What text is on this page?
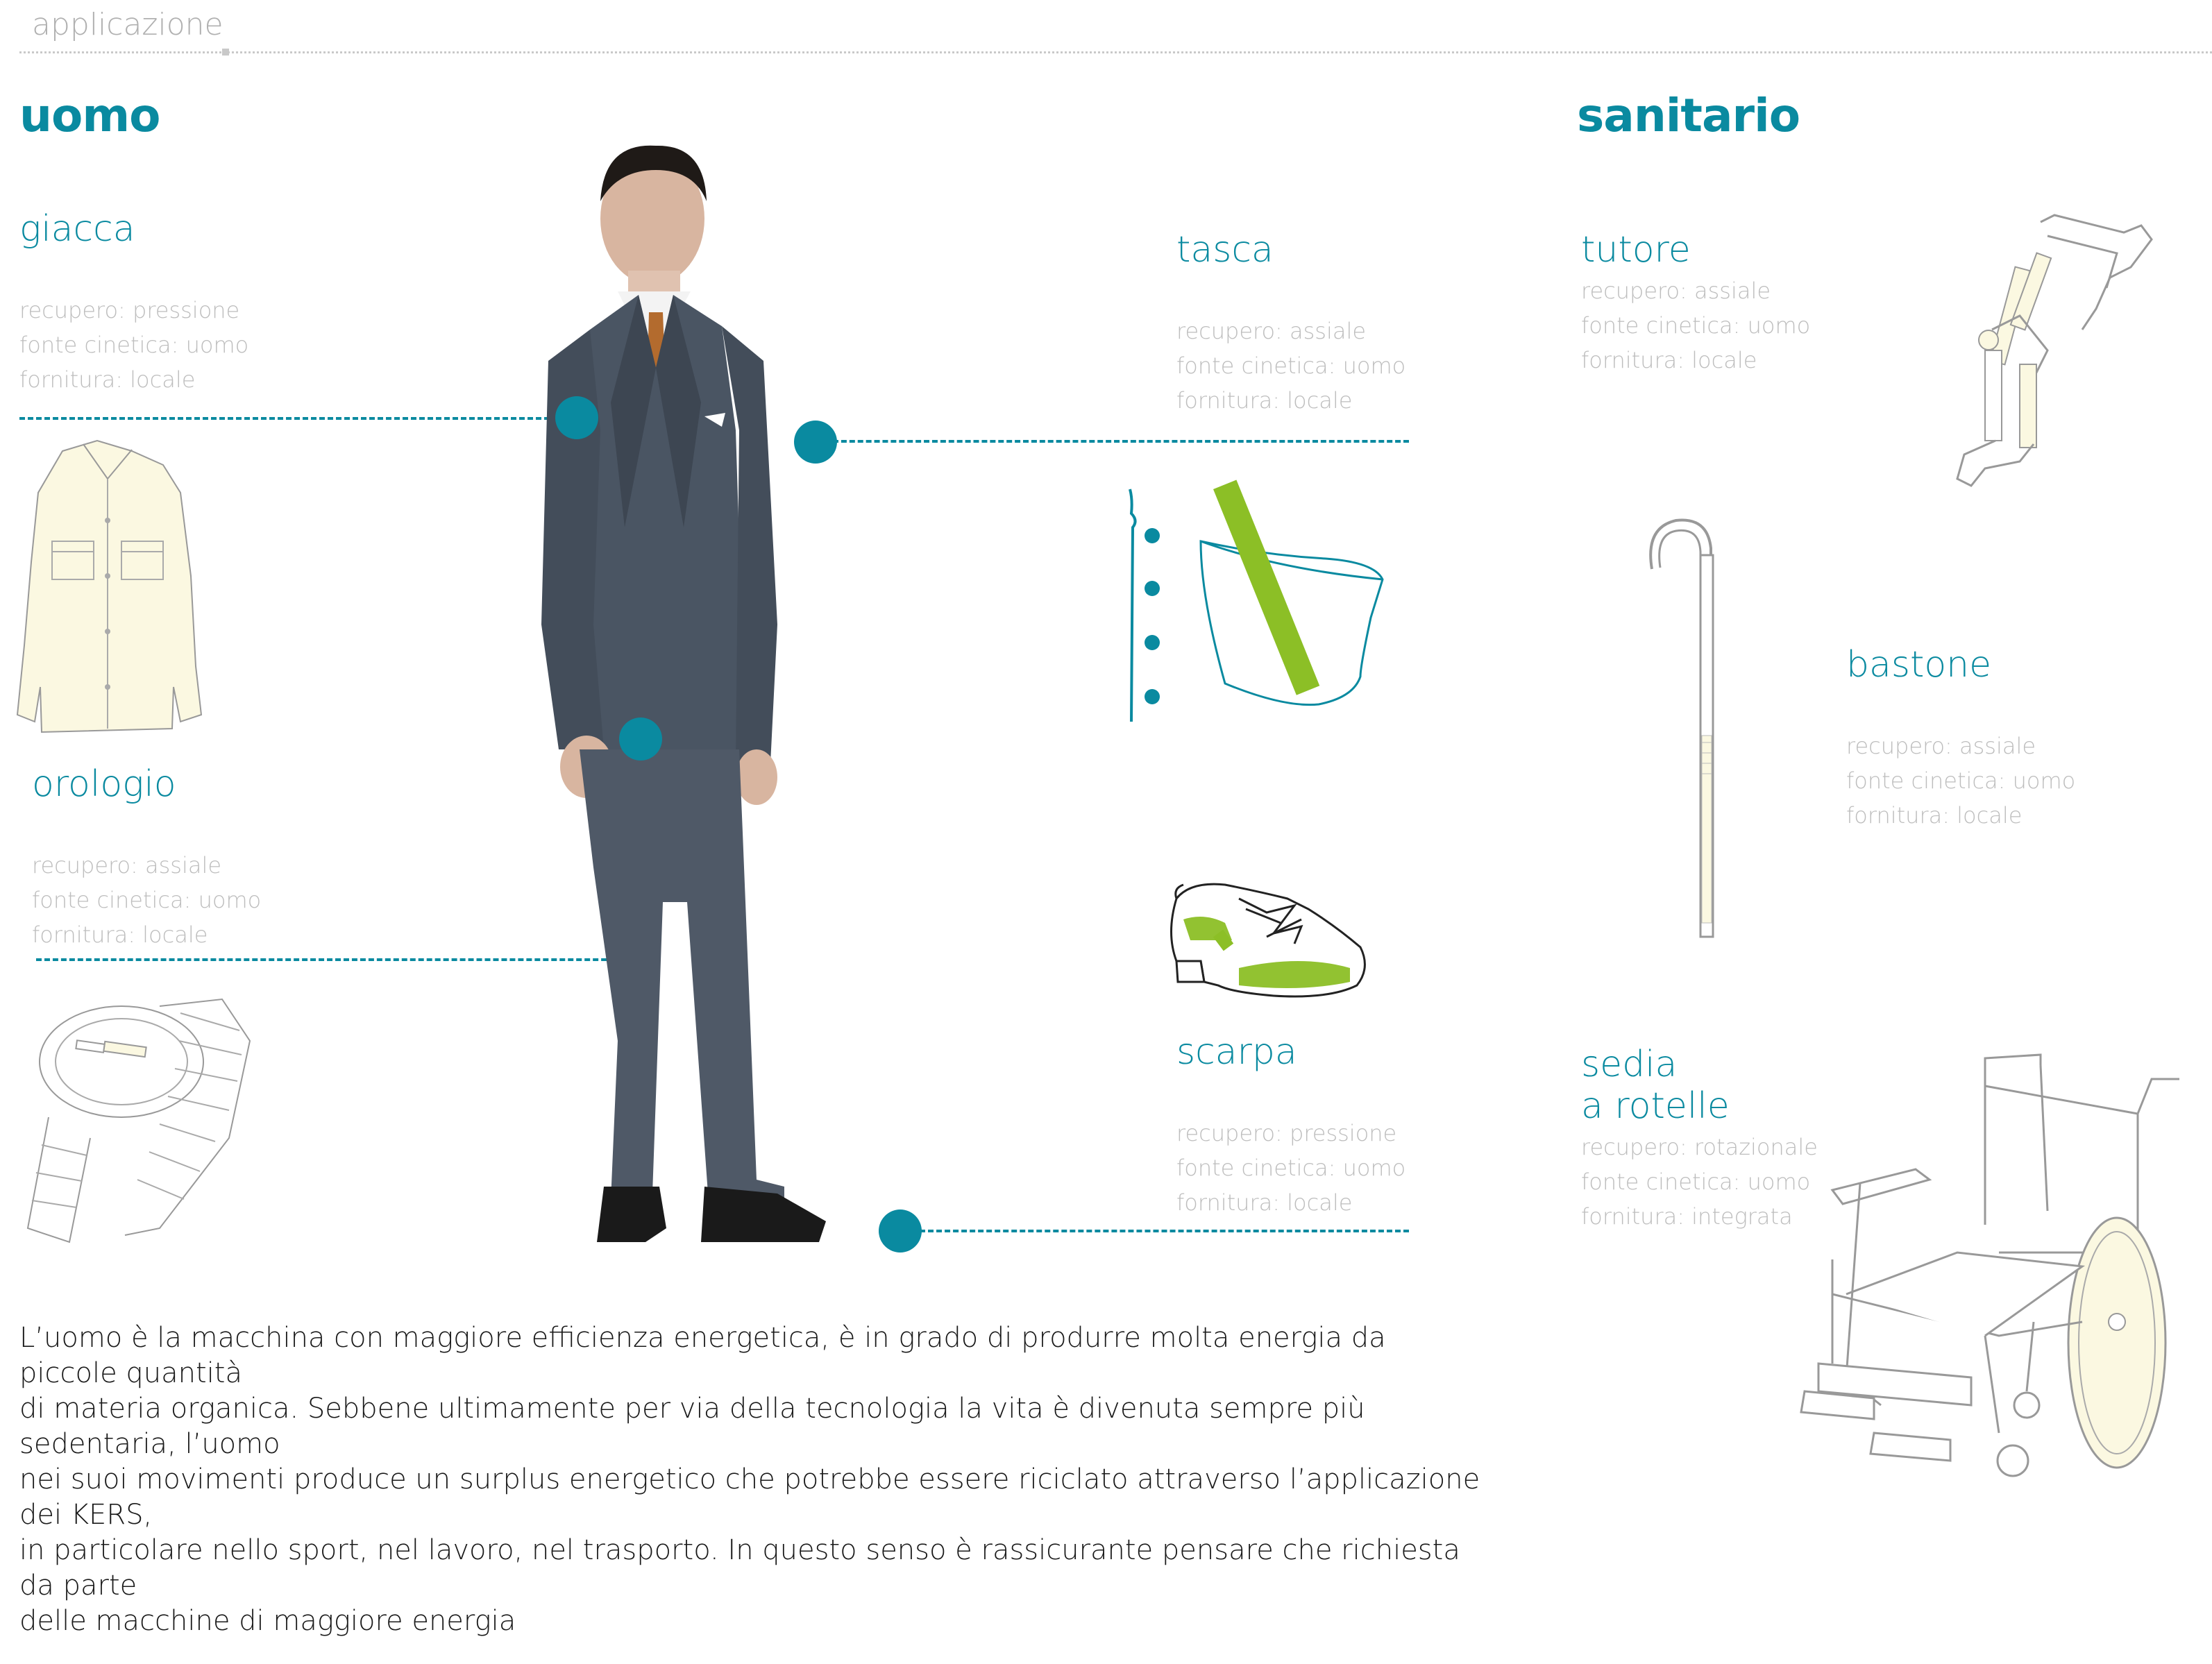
applicazione
uomo	sanitario
giacca
recupero: pressione
fonte cinetica: uomo
fornitura: locale
orologio
recupero: assiale
fonte cinetica: uomo
fornitura: locale
tasca
recupero: assiale
fonte cinetica: uomo
fornitura: locale
scarpa
recupero: pressione
fonte cinetica: uomo
fornitura: locale
tutore
recupero: assiale
fonte cinetica: uomo
fornitura: locale
bastone
recupero: assiale
fonte cinetica: uomo
fornitura: locale
sedia
a rotelle
recupero: rotazionale
fonte cinetica: uomo
fornitura: integrata
L’uomo è la macchina con maggiore efficienza energetica, è in grado di produrre molta energia da piccole quantità
di materia organica. Sebbene ultimamente per via della tecnologia la vita è divenuta sempre più sedentaria, l’uomo
nei suoi movimenti produce un surplus energetico che potrebbe essere riciclato attraverso l’applicazione dei KERS,
in particolare nello sport, nel lavoro, nel trasporto. In questo senso è rassicurante pensare che richiesta da parte
delle macchine di maggiore energia
